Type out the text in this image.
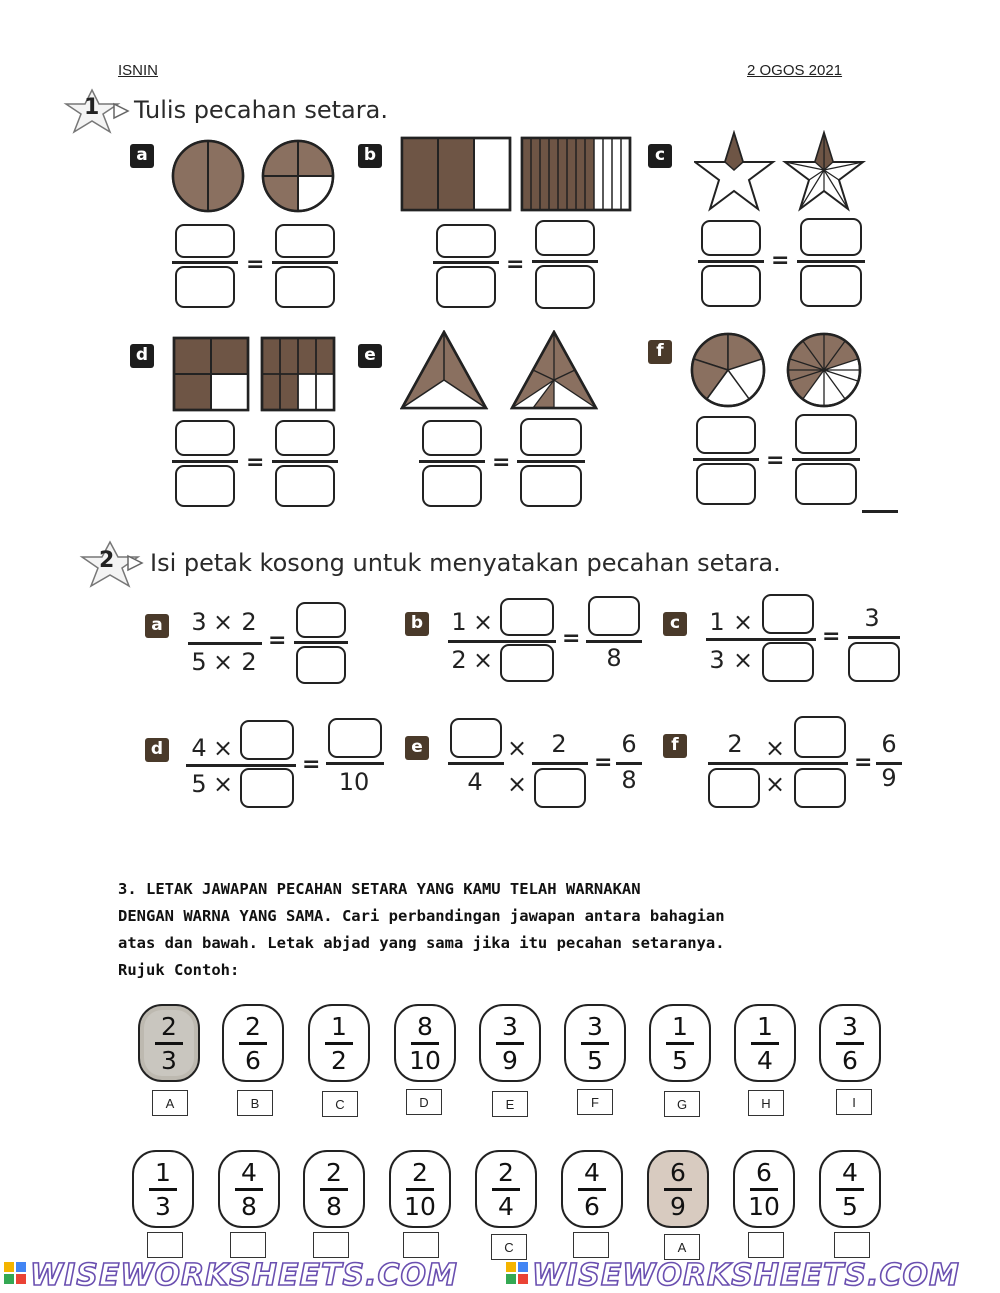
ISNIN	2 OGOS 2021
1 Tulis pecahan setara.
a	b	c
d	e	f
=	=	=
=	=	=
2 Isi petak kosong untuk menyatakan pecahan setara.
a	b	c
d	e	f
3 × 2
5 × 2
=
1 ×
2 ×
=
8
1 ×
3 ×
=
3
4 ×
5 ×
=
10	4
× 2
×
=
6
8
2 ×
×
=
6
9
3. LETAK JAWAPAN PECAHAN SETARA YANG KAMU TELAH WARNAKAN
DENGAN WARNA YANG SAMA. Cari perbandingan jawapan antara bahagian
atas dan bawah. Letak abjad yang sama jika itu pecahan setaranya.
Rujuk Contoh:
2
3
2
6
1
2
8
10
3
9
3
5
1
5
1
4
3
6
A	B	C	D	E	F	G	H	I
1
3
4
8
2
8
2
10
2
4
4
6
6
9
6
10
4
5
C	A
WISEWORKSHEETS.COM WISEWORKSHEETS.COM
